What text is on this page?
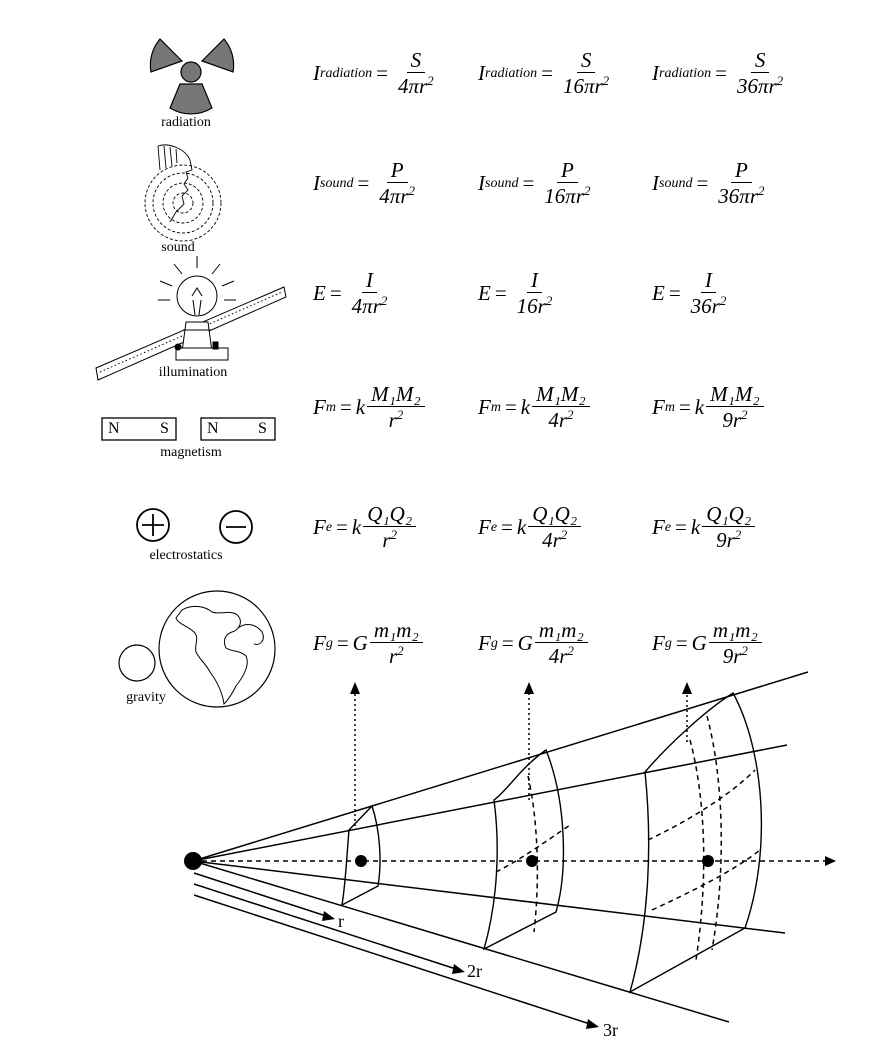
radiation
sound
illumination
magnetism
electrostatics
gravity
N	S N S
r
2r
3r
I radiation = $\frac{S}{4\pi r^2}$ I radiation = $\frac{S}{16\pi r^2}$ I radiation = $\frac{S}{36\pi r^2}$
I sound = $\frac{P}{4\pi r^2}$	I sound = $\frac{P}{16\pi r^2}$	I sound = $\frac{P}{36\pi r^2}$
$E = \frac{I}{4\pi r^2}$	$E = \frac{I}{16r^2}$	$E = \frac{I}{36r^2}$
F m = k $\frac{\text{M₁M₂}}{r^2}$	F m = k $\frac{\text{M₁M₂}}{4r^2}$	F m = k $\frac{\text{M₁M₂}}{9r^2}$
F e = k $\frac{\text{Q₁Q₂}}{r^2}$	F e = k $\frac{\text{Q₁Q₂}}{4r^2}$	F e = k $\frac{\text{Q₁Q₂}}{9r^2}$
F g = G $\frac{\text{m₁m₂}}{r^2}$	F g = G $\frac{\text{m₁m₂}}{4r^2}$	F g = G $\frac{\text{m₁m₂}}{9r^2}$
